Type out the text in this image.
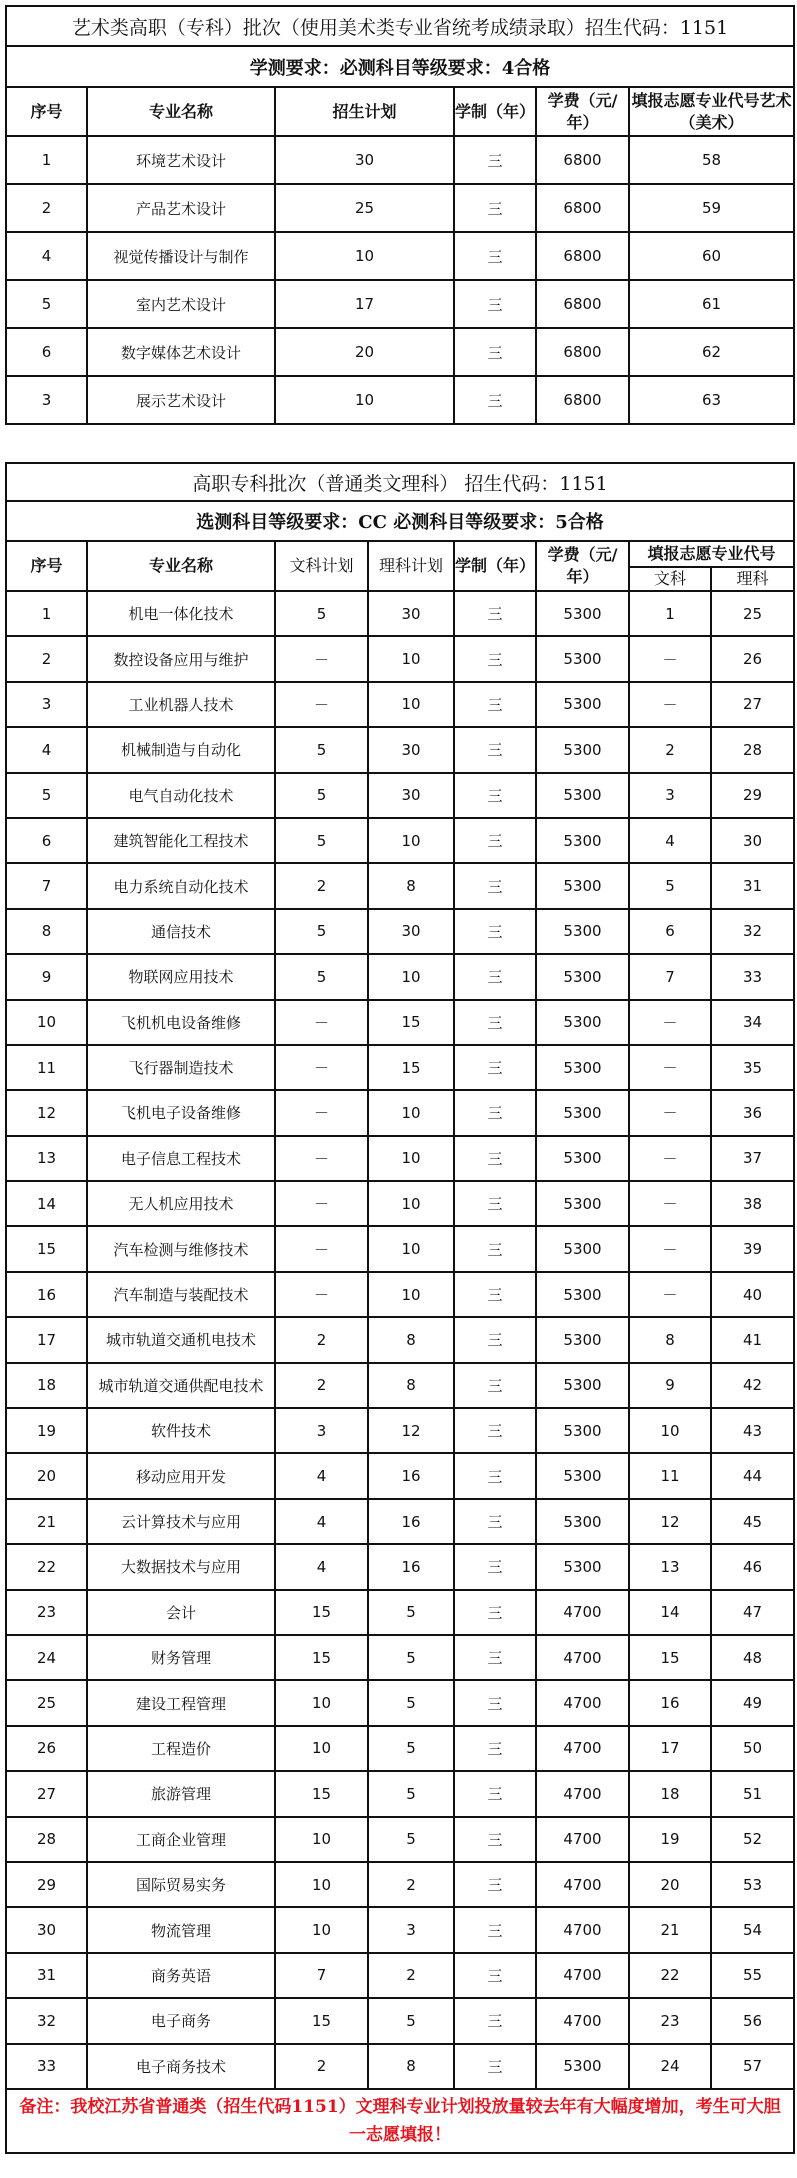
艺术类高职（专科）批次（使用美术类专业省统考成绩录取）招生代码：1151					
学测要求：必测科目等级要求：4合格					
序号	专业名称	招生计划	学制（年）	学费（元/年）	填报志愿专业代号艺术（美术）
1	环境艺术设计	30	三	6800	58
2	产品艺术设计	25	三	6800	59
4	视觉传播设计与制作	10	三	6800	60
5	室内艺术设计	17	三	6800	61
6	数字媒体艺术设计	20	三	6800	62
3	展示艺术设计	10	三	6800	63
高职专科批次（普通类文理科） 招生代码：1151							
选测科目等级要求：CC 必测科目等级要求：5合格							
序号	专业名称	文科计划	理科计划	学制（年）	学费（元/年）	填报志愿专业代号	
						文科	理科
1	机电一体化技术	5	30	三	5300	1	25
2	数控设备应用与维护	－	10	三	5300	－	26
3	工业机器人技术	－	10	三	5300	－	27
4	机械制造与自动化	5	30	三	5300	2	28
5	电气自动化技术	5	30	三	5300	3	29
6	建筑智能化工程技术	5	10	三	5300	4	30
7	电力系统自动化技术	2	8	三	5300	5	31
8	通信技术	5	30	三	5300	6	32
9	物联网应用技术	5	10	三	5300	7	33
10	飞机机电设备维修	－	15	三	5300	－	34
11	飞行器制造技术	－	15	三	5300	－	35
12	飞机电子设备维修	－	10	三	5300	－	36
13	电子信息工程技术	－	10	三	5300	－	37
14	无人机应用技术	－	10	三	5300	－	38
15	汽车检测与维修技术	－	10	三	5300	－	39
16	汽车制造与装配技术	－	10	三	5300	－	40
17	城市轨道交通机电技术	2	8	三	5300	8	41
18	城市轨道交通供配电技术	2	8	三	5300	9	42
19	软件技术	3	12	三	5300	10	43
20	移动应用开发	4	16	三	5300	11	44
21	云计算技术与应用	4	16	三	5300	12	45
22	大数据技术与应用	4	16	三	5300	13	46
23	会计	15	5	三	4700	14	47
24	财务管理	15	5	三	4700	15	48
25	建设工程管理	10	5	三	4700	16	49
26	工程造价	10	5	三	4700	17	50
27	旅游管理	15	5	三	4700	18	51
28	工商企业管理	10	5	三	4700	19	52
29	国际贸易实务	10	2	三	4700	20	53
30	物流管理	10	3	三	4700	21	54
31	商务英语	7	2	三	4700	22	55
32	电子商务	15	5	三	4700	23	56
33	电子商务技术	2	8	三	5300	24	57
备注：我校江苏省普通类（招生代码1151）文理科专业计划投放量较去年有大幅度增加，考生可大胆一志愿填报！							
